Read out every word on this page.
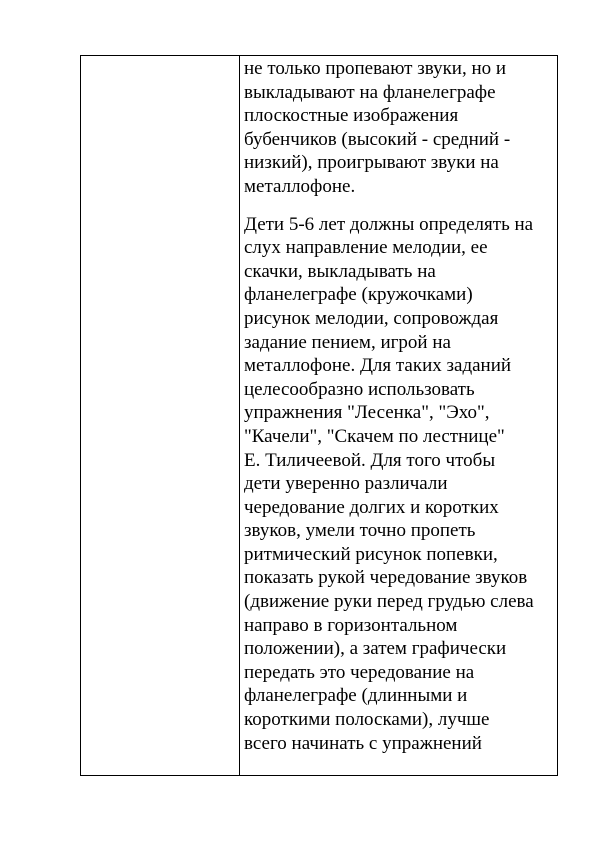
не только пропевают звуки, но и
выкладывают на фланелеграфе
плоскостные изображения
бубенчиков (высокий - средний -
низкий), проигрывают звуки на
металлофоне.

Дети 5-6 лет должны определять на
слух направление мелодии, ее
скачки, выкладывать на
фланелеграфе (кружочками)
рисунок мелодии, сопровождая
задание пением, игрой на
металлофоне. Для таких заданий
целесообразно использовать
упражнения "Лесенка", "Эхо",
"Качели", "Скачем по лестнице"
Е. Тиличеевой. Для того чтобы
дети уверенно различали
чередование долгих и коротких
звуков, умели точно пропеть
ритмический рисунок попевки,
показать рукой чередование звуков
(движение руки перед грудью слева
направо в горизонтальном
положении), а затем графически
передать это чередование на
фланелеграфе (длинными и
короткими полосками), лучше
всего начинать с упражнений
